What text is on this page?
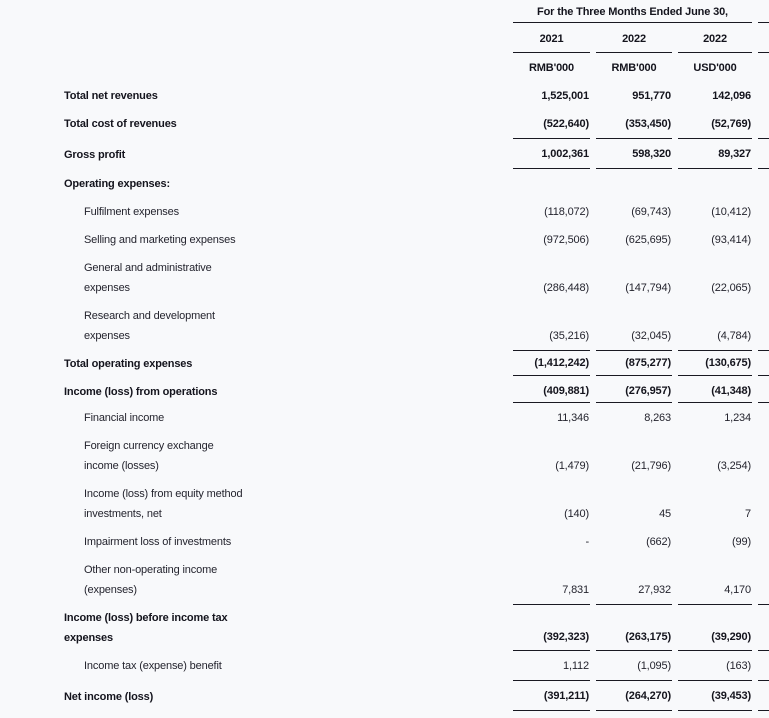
For the Three Months Ended June 30,
2021	2022	2022
RMB'000	RMB'000	USD'000
Total net revenues	1,525,001	951,770	142,096
Total cost of revenues	(522,640)	(353,450)	(52,769)
Gross profit	1,002,361	598,320	89,327
Operating expenses:
Fulfilment expenses	(118,072)	(69,743)	(10,412)
Selling and marketing expenses	(972,506)	(625,695)	(93,414)
General and administrative
expenses	(286,448)	(147,794)	(22,065)
Research and development
expenses	(35,216)	(32,045)	(4,784)
Total operating expenses	(1,412,242)	(875,277)	(130,675)
Income (loss) from operations	(409,881)	(276,957)	(41,348)
Financial income	11,346	8,263	1,234
Foreign currency exchange
income (losses)	(1,479)	(21,796)	(3,254)
Income (loss) from equity method
investments, net	(140)	45	7
Impairment loss of investments	-	(662)	(99)
Other non-operating income
(expenses)	7,831	27,932	4,170
Income (loss) before income tax
expenses	(392,323)	(263,175)	(39,290)
Income tax (expense) benefit	1,112	(1,095)	(163)
Net income (loss)	(391,211)	(264,270)	(39,453)
